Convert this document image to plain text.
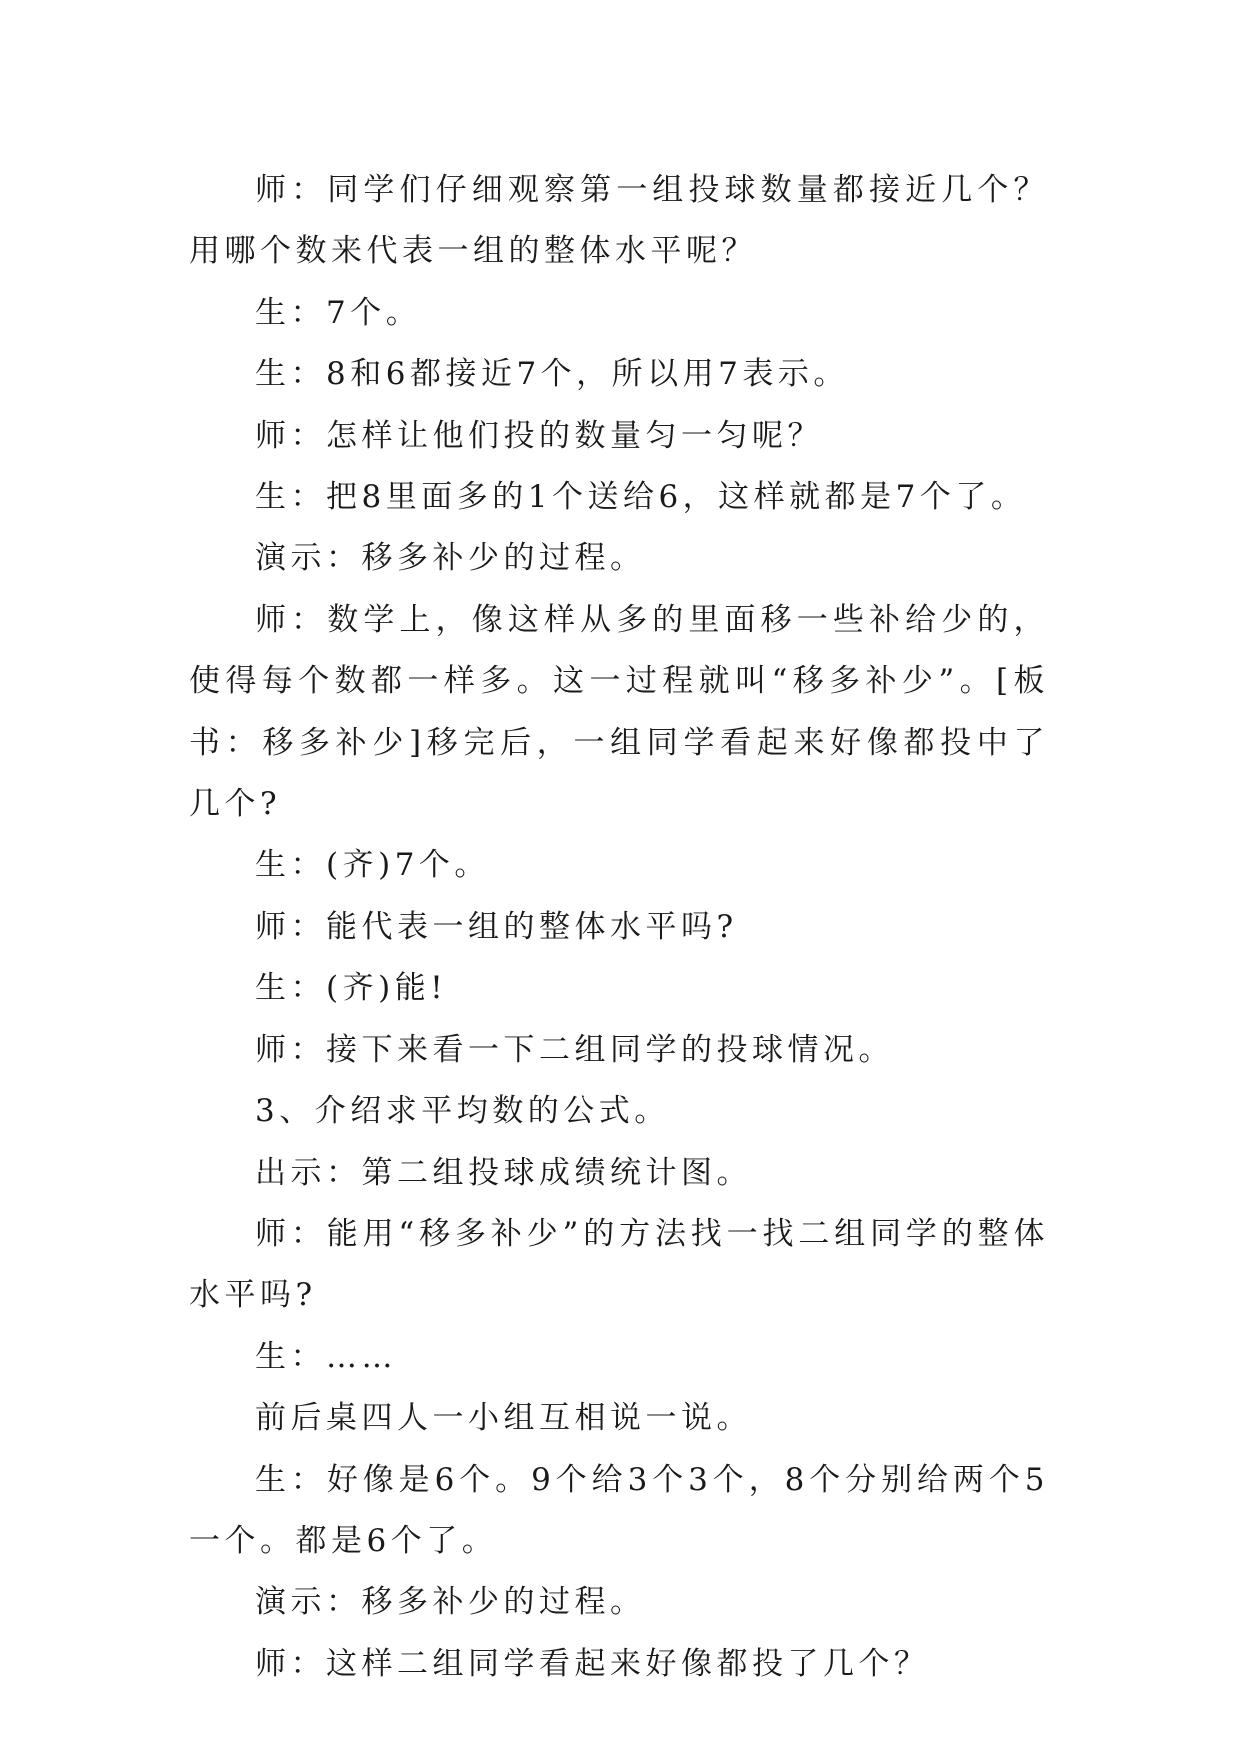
师：同学们仔细观察第一组投球数量都接近几个？用哪个数来代表一组的整体水平呢？

生：7个。

生：8和6都接近7个，所以用7表示。

师：怎样让他们投的数量匀一匀呢？

生：把8里面多的1个送给6，这样就都是7个了。

演示：移多补少的过程。

师：数学上，像这样从多的里面移一些补给少的，使得每个数都一样多。这一过程就叫“移多补少”。[板书：移多补少]移完后，一组同学看起来好像都投中了几个?

生：(齐)7个。

师：能代表一组的整体水平吗?

生：(齐)能!

师：接下来看一下二组同学的投球情况。

3、介绍求平均数的公式。

出示：第二组投球成绩统计图。

师：能用“移多补少”的方法找一找二组同学的整体水平吗?

生：……

前后桌四人一小组互相说一说。

生：好像是6个。9个给3个3个，8个分别给两个5一个。都是6个了。

演示：移多补少的过程。

师：这样二组同学看起来好像都投了几个？
